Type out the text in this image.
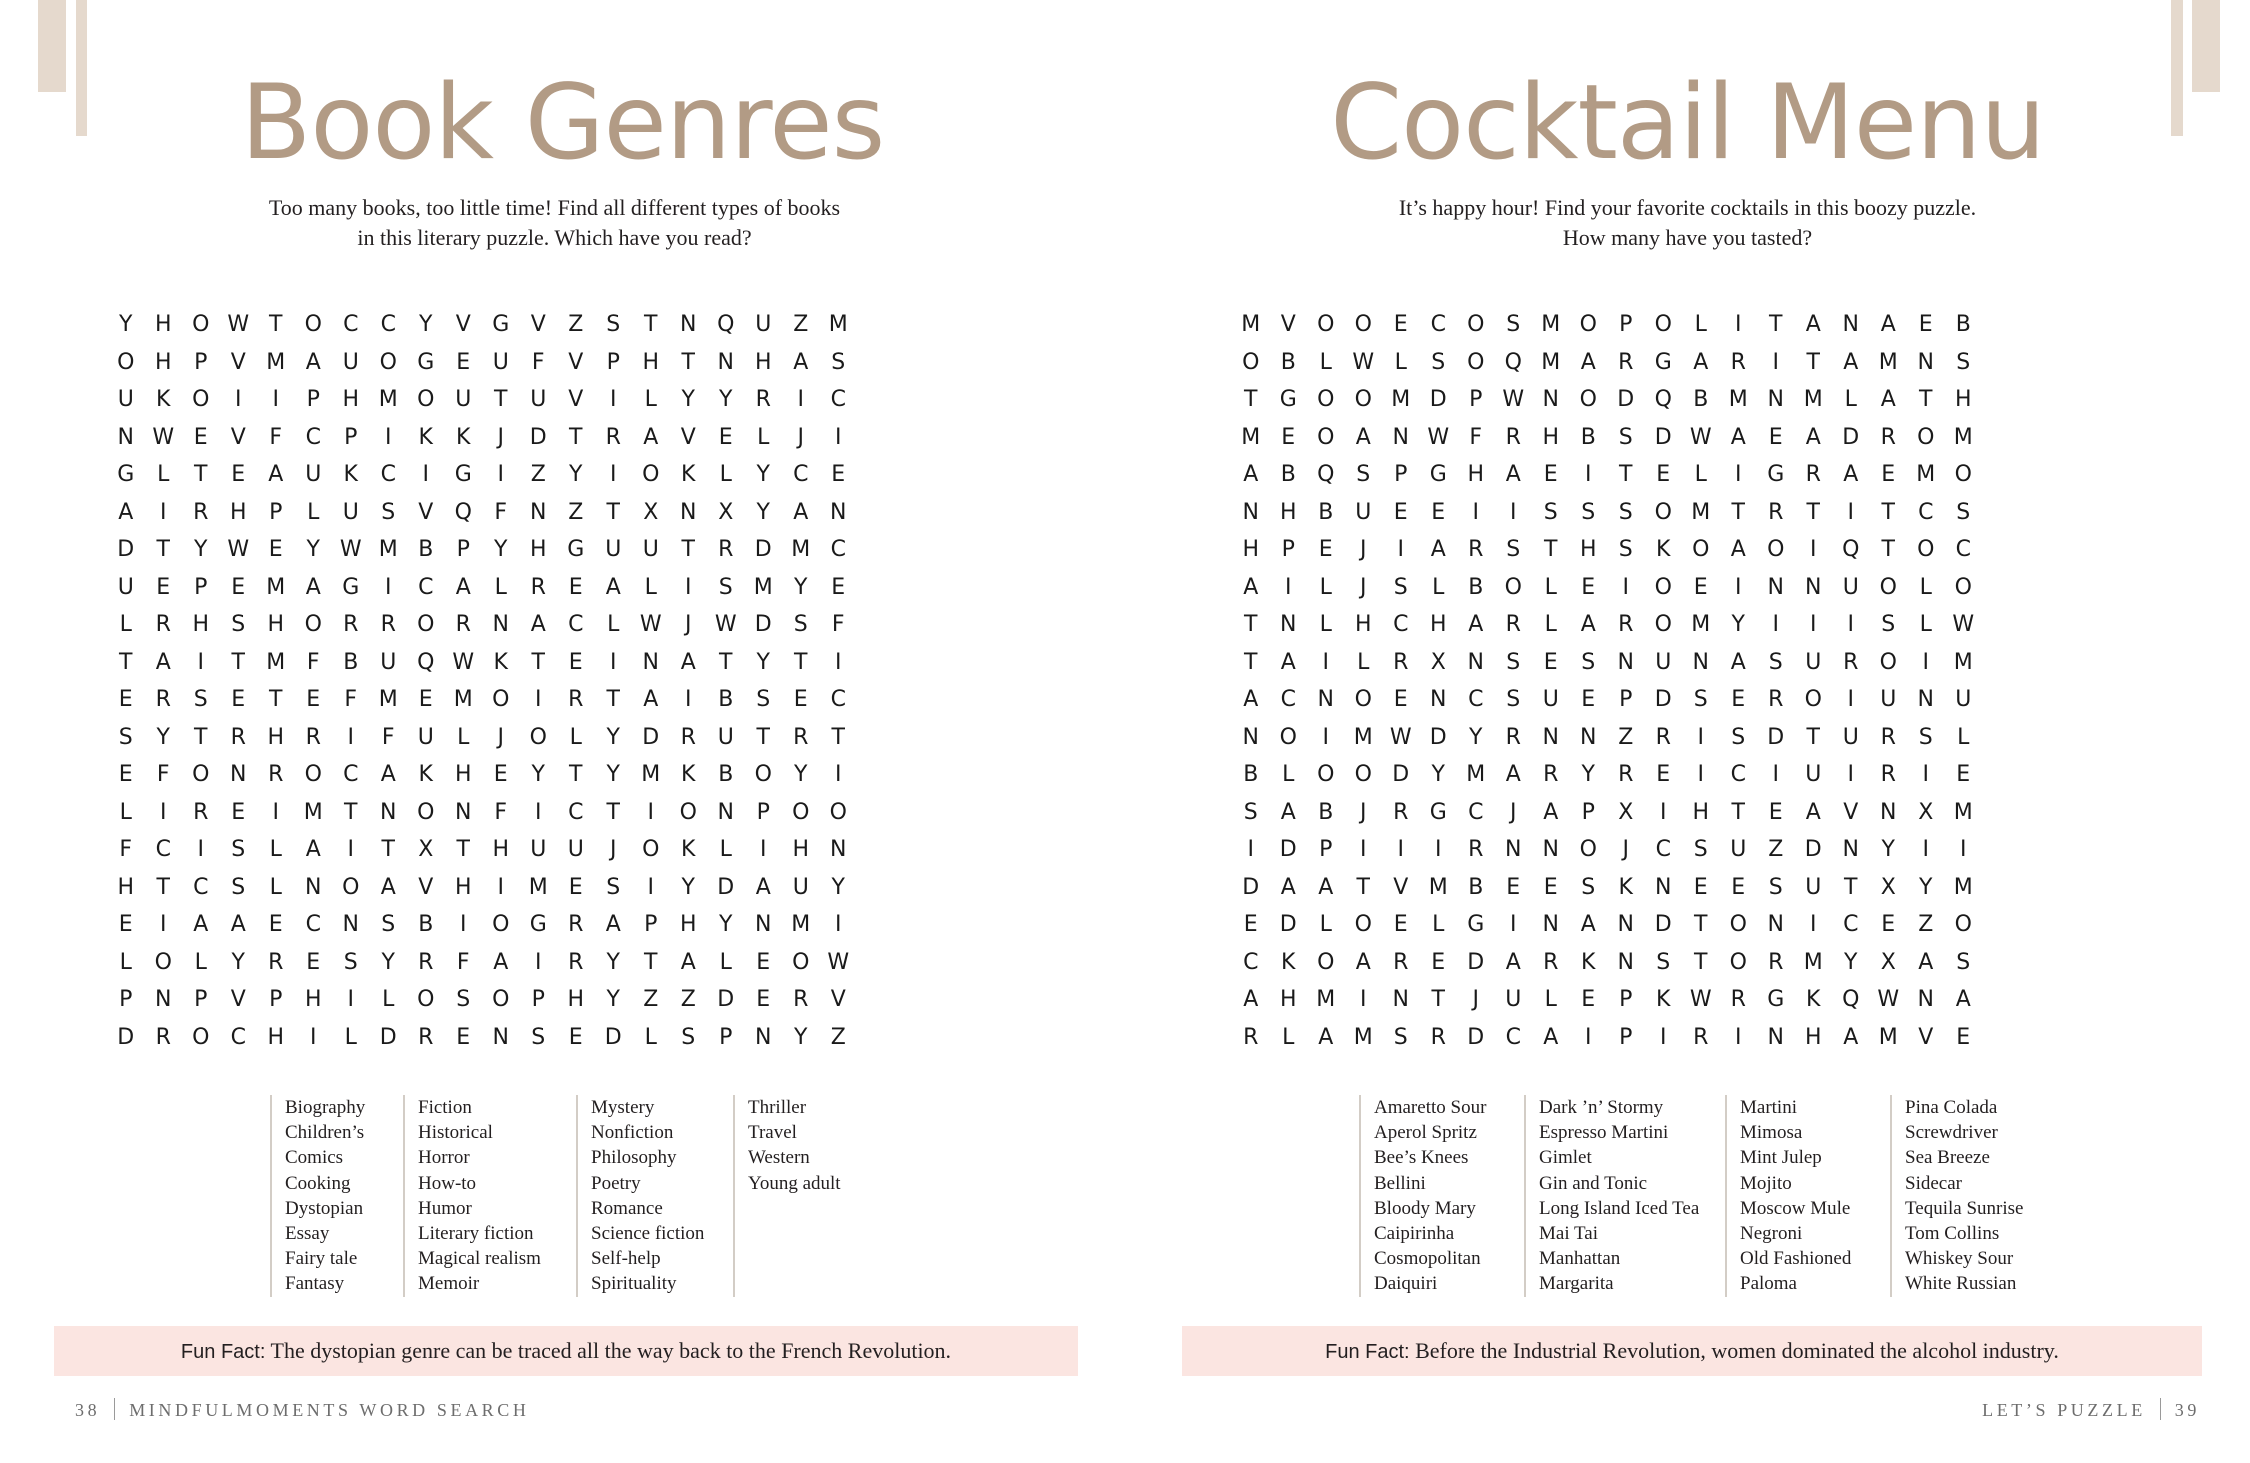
Book Genres

Too many books, too little time! Find all different types of books
in this literary puzzle. Which have you read?

Y	H O W T	O C	C	Y	V G V	Z	S	T	N Q U Z M
O H	P	V M A U O G	E	U	F	V	P	H	T	N H A	S
U	K O	I	I	P	H M O U	T	U V	I	L	Y	Y	R	I	C
N W E	V	F	C	P	I	K	K	J	D	T	R	A	V	E	L	J	I
G	L	T	E	A U	K	C	I	G	I	Z	Y	I	O K	L	Y	C	E
A	I	R H	P	L	U	S	V Q	F	N Z	T	X N X	Y	A N
D	T	Y W E	Y W M B	P	Y	H G U U	T	R D M C
U	E	P	E M A G	I	C	A	L	R	E	A	L	I	S M Y	E
L	R H	S	H O R	R O R N A	C	L W	J	W D	S	F
T	A	I	T M F	B U Q W K	T	E	I	N A	T	Y	T	I
E	R	S	E	T	E	F M E M O	I	R	T	A	I	B	S	E	C
S	Y	T	R H R	I	F	U	L	J	O	L	Y	D R U	T	R	T
E	F	O N R O C	A	K	H	E	Y	T	Y M K	B O	Y	I
L	I	R	E	I	M T	N O N	F	I	C	T	I	O N	P	O O
F	C	I	S	L	A	I	T	X	T	H U U	J	O K	L	I	H N
H	T	C	S	L	N O A	V H	I	M E	S	I	Y	D A U	Y
E	I	A	A	E	C N	S	B	I	O G R	A	P	H	Y	N M	I
L	O	L	Y	R	E	S	Y	R	F	A	I	R	Y	T	A	L	E O W
P	N	P	V	P	H	I	L	O S O	P	H	Y	Z	Z D	E	R	V
D R O C H	I	L	D R	E	N	S	E	D	L	S	P	N	Y	Z
Biography
Children’s
Comics
Cooking
Dystopian
Essay
Fairy tale
Fantasy
Fiction
Historical
Horror
How-to
Humor
Literary fiction
Magical realism
Memoir
Mystery
Nonfiction
Philosophy
Poetry
Romance
Science fiction
Self-help
Spirituality
Thriller
Travel
Western
Young adult
Fun Fact: The dystopian genre can be traced all the way back to the French Revolution.
38 MINDFULMOMENTS WORD SEARCH
Cocktail Menu

It’s happy hour! Find your favorite cocktails in this boozy puzzle.
How many have you tasted?

M V O O E	C O S M O	P	O	L	I	T	A N A	E	B
O B	L W L	S O Q M A	R G A	R	I	T	A M N	S
T	G O O M D	P W N O D Q B M N M L	A	T	H
M E O A N W F	R H B	S	D W A	E	A D R O M
A	B Q S	P	G H A	E	I	T	E	L	I	G R	A	E M O
N H B U	E	E	I	I	S	S	S O M T	R	T	I	T	C	S
H	P	E	J	I	A	R	S	T	H	S	K O A O	I	Q	T	O C
A	I	L	J	S	L	B O	L	E	I	O E	I	N N U O	L	O
T	N	L	H C H A	R	L	A	R O M Y	I	I	I	S	L W
T	A	I	L	R	X N	S	E	S	N U N A	S	U R O	I	M
A	C N O E	N C	S	U	E	P	D	S	E	R O	I	U N U
N O	I	M W D	Y	R N N Z	R	I	S	D	T	U R	S	L
B	L	O O D	Y M A	R	Y	R	E	I	C	I	U	I	R	I	E
S	A	B	J	R G C	J	A	P	X	I	H	T	E	A	V N X M
I	D	P	I	I	I	R N N O	J	C	S	U Z D N	Y	I	I
D A	A	T	V M B	E	E	S	K	N	E	E	S	U	T	X	Y M
E	D	L	O E	L	G	I	N A N D	T	O N	I	C	E	Z O
C	K O A	R	E	D A	R	K	N	S	T	O R M Y	X	A	S
A H M	I	N	T	J	U	L	E	P	K W R G K Q W N A
R	L	A M S	R D C	A	I	P	I	R	I	N H A M V	E
Amaretto Sour
Aperol Spritz
Bee’s Knees
Bellini
Bloody Mary
Caipirinha
Cosmopolitan
Daiquiri
Dark ’n’ Stormy
Espresso Martini
Gimlet
Gin and Tonic
Long Island Iced Tea
Mai Tai
Manhattan
Margarita
Martini
Mimosa
Mint Julep
Mojito
Moscow Mule
Negroni
Old Fashioned
Paloma
Pina Colada
Screwdriver
Sea Breeze
Sidecar
Tequila Sunrise
Tom Collins
Whiskey Sour
White Russian
Fun Fact: Before the Industrial Revolution, women dominated the alcohol industry.
LET’S PUZZLE 39
